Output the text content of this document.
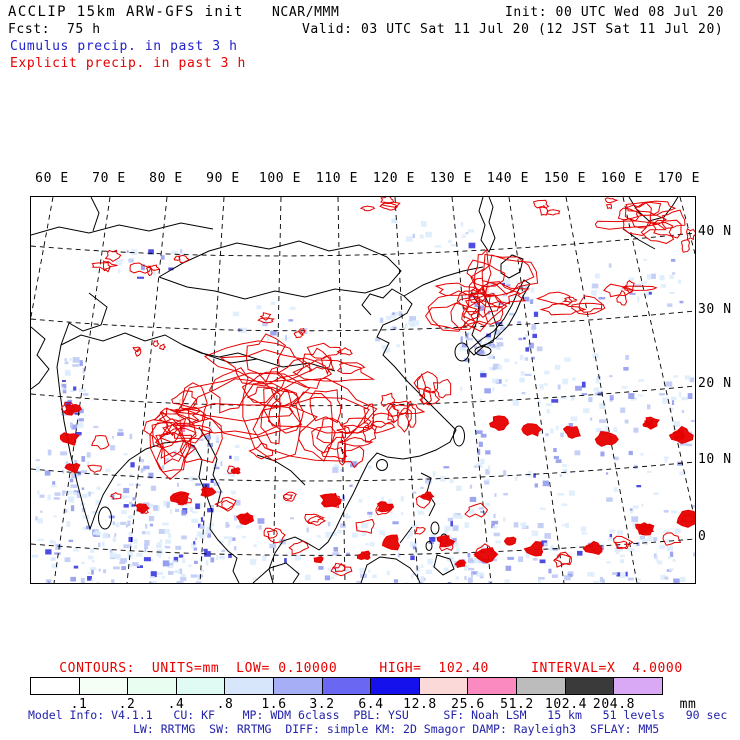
ACCLIP 15km ARW-GFS init NCAR/MMM	Init: 00 UTC Wed 08 Jul 20
Fcst:  75 h	Valid: 03 UTC Sat 11 Jul 20 (12 JST Sat 11 Jul 20)
Cumulus precip. in past 3 h
Explicit precip. in past 3 h
60 E 70 E 80 E 90 E 100 E 110 E 120 E 130 E 140 E 150 E 160 E 170 E
40 N
30 N
20 N
10 N
0
CONTOURS:  UNITS=mm  LOW= 0.10000     HIGH=  102.40     INTERVAL=X  4.0000
.1 .2 .4 .8 1.6 3.2 6.4 12.8 25.6 51.2 102.4 204.8	mm
Model Info: V4.1.1   CU: KF    MP: WDM 6class  PBL: YSU     SF: Noah LSM   15 km   51 levels   90 sec
LW: RRTMG  SW: RRTMG  DIFF: simple KM: 2D Smagor DAMP: Rayleigh3  SFLAY: MM5
